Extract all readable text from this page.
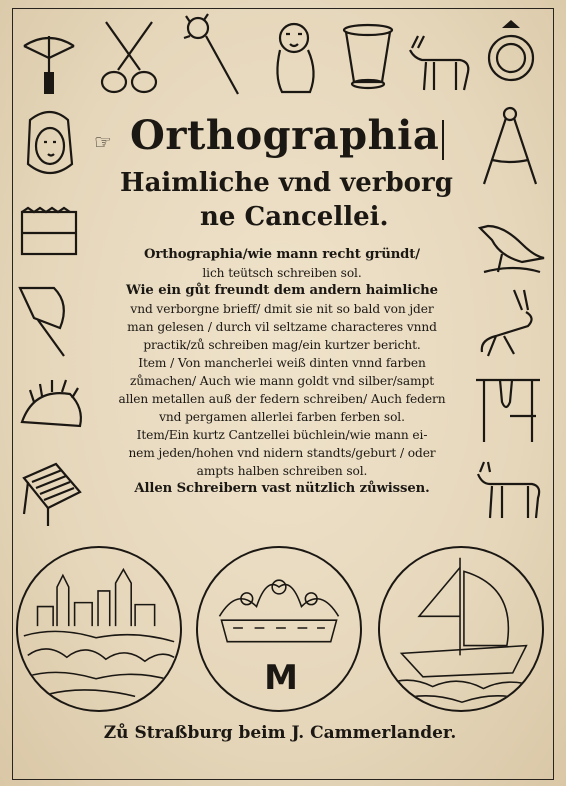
☞ Orthographia
Haimliche vnd verborg
ne Cancellei.
Orthographia/wie mann recht gründt/
lich teütsch schreiben sol.
Wie ein gůt freundt dem andern haimliche
vnd verborgne brieff/ dmit sie nit so bald von jder
man gelesen / durch vil seltzame characteres vnnd
practik/zů schreiben mag/ein kurtzer bericht.
Item / Von mancherlei weiß dinten vnnd farben
zůmachen/ Auch wie mann goldt vnd silber/sampt
allen metallen auß der federn schreiben/ Auch federn
vnd pergamen allerlei farben ferben sol.
Item/Ein kurtz Cantzellei büchlein/wie mann ei-
nem jeden/hohen vnd nidern standts/geburt / oder
ampts halben schreiben sol.
Allen Schreibern vast nützlich zůwissen.
M
Zů Straßburg beim J. Cammerlander.
